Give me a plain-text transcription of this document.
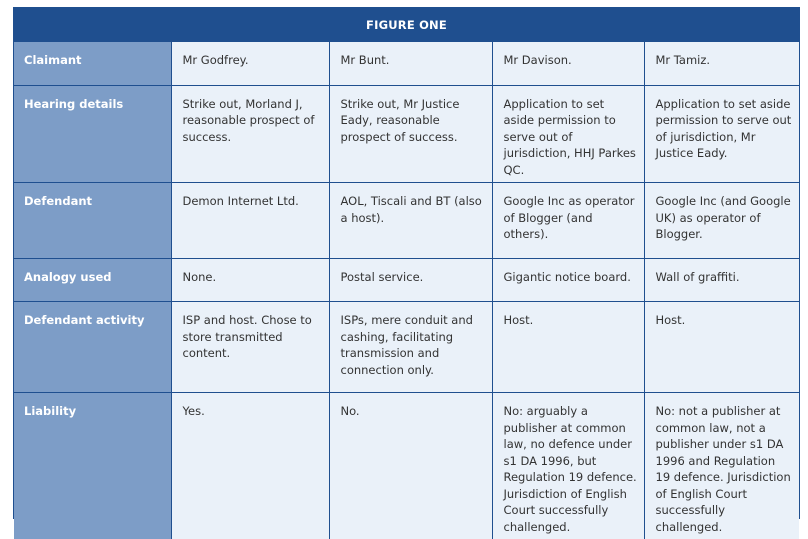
FIGURE ONE
Claimant	Mr Godfrey.	Mr Bunt.	Mr Davison.	Mr Tamiz.
Hearing details	Strike out, Morland J, reasonable prospect of success.	Strike out, Mr Justice Eady, reasonable prospect of success.	Application to set aside permission to serve out of jurisdiction, HHJ Parkes QC.	Application to set aside permission to serve out of jurisdiction, Mr Justice Eady.
Defendant	Demon Internet Ltd.	AOL, Tiscali and BT (also a host).	Google Inc as operator of Blogger (and others).	Google Inc (and Google UK) as operator of Blogger.
Analogy used	None.	Postal service.	Gigantic notice board.	Wall of graffiti.
Defendant activity	ISP and host. Chose to store transmitted content.	ISPs, mere conduit and cashing, facilitating transmission and connection only.	Host.	Host.
Liability	Yes.	No.	No: arguably a publisher at common law, no defence under s1 DA 1996, but Regulation 19 defence. Jurisdiction of English Court successfully challenged.	No: not a publisher at common law, not a publisher under s1 DA 1996 and Regulation 19 defence. Jurisdiction of English Court successfully challenged.
